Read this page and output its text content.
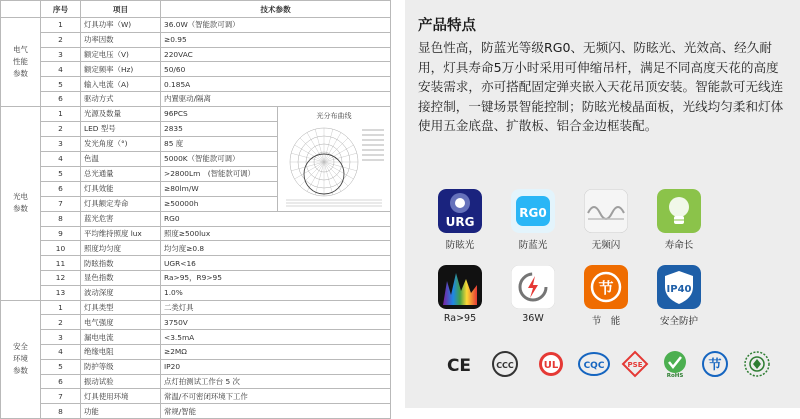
	序号	项目	技术参数	
电气
性能
参数	1	灯具功率（W)	36.0W（智能款可调）	
	2	功率因数	≥0.95	
	3	额定电压（V)	220VAC	
	4	额定频率（Hz)	50/60	
	5	输入电流（A)	0.185A	
	6	驱动方式	内置驱动/隔离	
光电
参数	1	光源及数量	96PCS	光分布曲线

	2	LED 型号	2835	
	3	发光角度（°)	85 度	
	4	色温	5000K（智能款可调）	
	5	总光通量	>2800Lm　(智能款可调）	
	6	灯具效能	≥80lm/W	
	7	灯具额定寿命	≥50000h	
	8	蓝光危害	RG0	
	9	平均维持照度 lux	照度≥500lux	
	10	照度均匀度	均匀度≥0.8	
	11	防眩指数	UGR<16	
	12	显色指数	Ra>95，R9>95	
	13	波动深度	1.0%	
安全
环境
参数	1	灯具类型	二类灯具	
	2	电气强度	3750V	
	3	漏电电流	<3.5mA	
	4	绝缘电阻	≥2MΩ	
	5	防护等级	IP20	
	6	振动试验	点灯拍测试工作台 5 次	
	7	灯具使用环境	常温/不可密闭环境下工作	
	8	功能	常规/智能	
产品特点

显色性高，防蓝光等级RG0、无频闪、防眩光、光效高、经久耐用，灯具寿命5万小时采用可伸缩吊杆，满足不同高度天花的高度安装需求，亦可搭配固定弹夹嵌入天花吊顶安装。智能款可无线连接控制，一键场景智能控制；防眩光棱晶面板，光线均匀柔和灯体使用五金底盘、扩散板、铝合金边框装配。

URG
防眩光
RG0
防蓝光	无频闪	寿命长
Ra>95	36W
节
节　能
IP40
安全防护
CE	CCC	UL	CQC	PSE
RoHS
节
